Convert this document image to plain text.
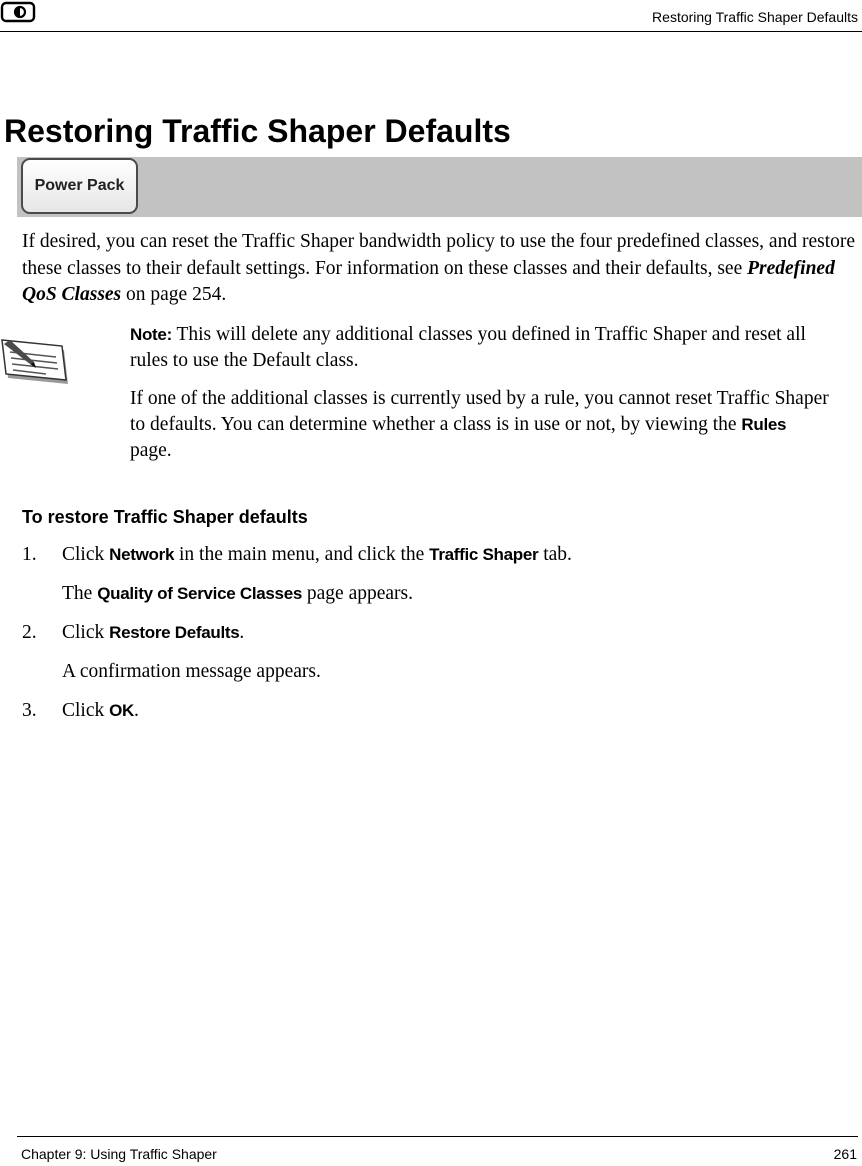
Restoring Traffic Shaper Defaults
Restoring Traffic Shaper Defaults
Power Pack

If desired, you can reset the Traffic Shaper bandwidth policy to use the four predefined classes, and restore these classes to their default settings. For information on these classes and their defaults, see Predefined QoS Classes on page 254.

Note: This will delete any additional classes you defined in Traffic Shaper and reset all rules to use the Default class.

If one of the additional classes is currently used by a rule, you cannot reset Traffic Shaper to defaults. You can determine whether a class is in use or not, by viewing the Rules page.

To restore Traffic Shaper defaults
1. Click Network in the main menu, and click the Traffic Shaper tab.
The Quality of Service Classes page appears.
2. Click Restore Defaults.
A confirmation message appears.
3. Click OK.
Chapter 9: Using Traffic Shaper	261
